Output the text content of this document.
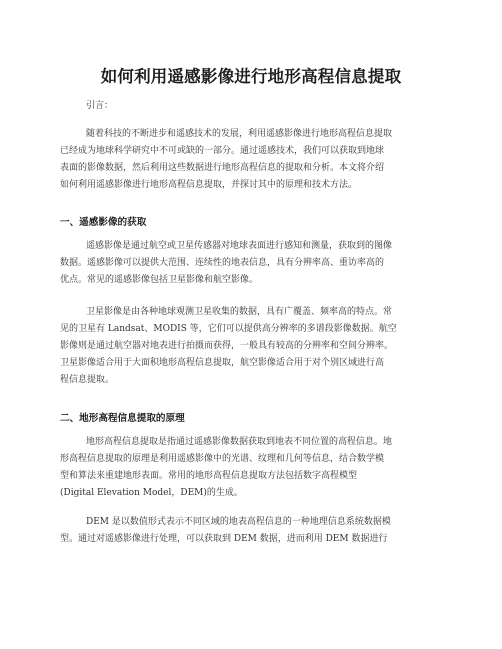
如何利用遥感影像进行地形高程信息提取
引言：
随着科技的不断进步和遥感技术的发展，利用遥感影像进行地形高程信息提取
已经成为地球科学研究中不可或缺的一部分。通过遥感技术，我们可以获取到地球
表面的影像数据，然后利用这些数据进行地形高程信息的提取和分析。本文将介绍
如何利用遥感影像进行地形高程信息提取，并探讨其中的原理和技术方法。
一、遥感影像的获取
遥感影像是通过航空或卫星传感器对地球表面进行感知和测量，获取到的图像
数据。遥感影像可以提供大范围、连续性的地表信息，具有分辨率高、重访率高的
优点。常见的遥感影像包括卫星影像和航空影像。
卫星影像是由各种地球观测卫星收集的数据，具有广覆盖、频率高的特点。常
见的卫星有 Landsat、MODIS 等，它们可以提供高分辨率的多谱段影像数据。航空
影像则是通过航空器对地表进行拍摄而获得，一般具有较高的分辨率和空间分辨率。
卫星影像适合用于大面积地形高程信息提取，航空影像适合用于对个别区域进行高
程信息提取。
二、地形高程信息提取的原理
地形高程信息提取是指通过遥感影像数据获取到地表不同位置的高程信息。地
形高程信息提取的原理是利用遥感影像中的光谱、纹理和几何等信息，结合数学模
型和算法来重建地形表面。常用的地形高程信息提取方法包括数字高程模型
(Digital Elevation Model，DEM)的生成。
DEM 是以数值形式表示不同区域的地表高程信息的一种地理信息系统数据模
型。通过对遥感影像进行处理，可以获取到 DEM 数据，进而利用 DEM 数据进行
